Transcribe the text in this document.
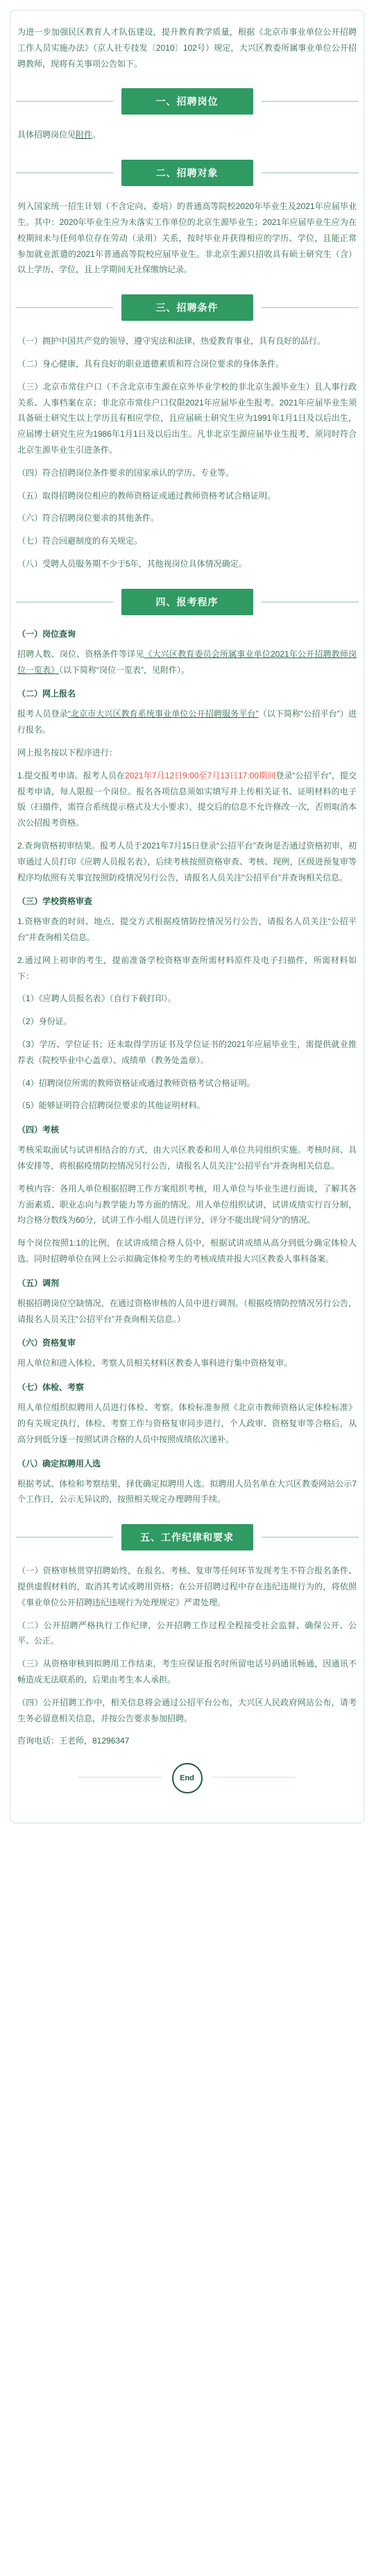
为进一步加强民区教育人才队伍建设，提升教育教学质量，根据《北京市事业单位公开招聘工作人员实施办法》（京人社专技发〔2010〕102号）规定，大兴区教委所属事业单位公开招聘教师，现将有关事项公告如下。

一、招聘岗位

具体招聘岗位见附件。

二、招聘对象

列入国家统一招生计划（不含定向、委培）的普通高等院校2020年毕业生及2021年应届毕业生。其中：2020年毕业生应为未落实工作单位的北京生源毕业生；2021年应届毕业生应为在校期间未与任何单位存在劳动（录用）关系，按时毕业并获得相应的学历、学位，且能正常参加就业派遣的2021年普通高等院校应届毕业生。非北京生源只招收具有硕士研究生（含）以上学历、学位，且上学期间无社保缴纳记录。

三、招聘条件

（一）拥护中国共产党的领导，遵守宪法和法律，热爱教育事业，具有良好的品行。

（二）身心健康，具有良好的职业道德素质和符合岗位要求的身体条件。

（三）北京市常住户口（不含北京市生源在京外毕业学校的非北京生源毕业生）且人事行政关系、人事档案在京；非北京市常住户口仅限2021年应届毕业生报考。2021年应届毕业生须具备硕士研究生以上学历且有相应学位，且应届硕士研究生应为1991年1月1日及以后出生，应届博士研究生应为1986年1月1日及以后出生。凡非北京生源应届毕业生报考，须同时符合北京生源毕业生引进条件。

（四）符合招聘岗位条件要求的国家承认的学历、专业等。

（五）取得招聘岗位相应的教师资格证或通过教师资格考试合格证明。

（六）符合招聘岗位要求的其他条件。

（七）符合回避制度的有关规定。

（八）受聘人员服务期不少于5年，其他视岗位具体情况确定。

四、报考程序
（一）岗位查询

招聘人数、岗位、资格条件等详见《大兴区教育委员会所属事业单位2021年公开招聘教师岗位一览表》（以下简称“岗位一览表”，见附件）。

（二）网上报名

报考人员登录“北京市大兴区教育系统事业单位公开招聘服务平台”（以下简称“公招平台”）进行报名。

网上报名按以下程序进行：

1.提交报考申请。报考人员在2021年7月12日9:00至7月13日17:00期间登录“公招平台”，提交报考申请，每人限报一个岗位。报名各项信息须如实填写并上传相关证书、证明材料的电子版（扫描件，需符合系统提示格式及大小要求），提交后的信息不允许修改一次，否则取消本次公招报考资格。

2.查询资格初审结果。报考人员于2021年7月15日登录“公招平台”查询是否通过资格初审，初审通过人员打印《应聘人员报名表》，后续考核按照资格审查、考核、现例，区级进预复审等程序均依照有关事宜按照防疫情况另行公告，请报名人员关注“公招平台”并查询相关信息。

（三）学校资格审查

1.资格审查的时间、地点、提交方式根据疫情防控情况另行公告，请报名人员关注“公招平台”并查询相关信息。

2.通过网上初审的考生，提前准备学校资格审查所需材料原件及电子扫描件，所需材料如下：

（1）《应聘人员报名表》（自行下载打印）。

（2）身份证。

（3）学历、学位证书；还未取得学历证书及学位证书的2021年应届毕业生，需提供就业推荐表（院校毕业中心盖章）、成绩单（教务处盖章）。

（4）招聘岗位所需的教师资格证或通过教师资格考试合格证明。

（5）能够证明符合招聘岗位要求的其他证明材料。

（四）考核

考核采取面试与试讲相结合的方式，由大兴区教委和用人单位共同组织实施。考核时间、具体安排等，将根据疫情防控情况另行公告，请报名人员关注“公招平台”并查询相关信息。

考核内容：各用人单位根据招聘工作方案组织考核，用人单位与毕业生进行面谈，了解其各方面素质、职业志向与教学能力等方面的情况。用人单位组织试讲，试讲成绩实行百分制，均合格分数线为60分，试讲工作小组人员进行评分，评分不能出现“同分”的情况。

每个岗位按照1:1的比例，在试讲成绩合格人员中，根据试讲成绩从高分到低分确定体检人选。同时招聘单位在网上公示拟确定体检考生的考核成绩并报大兴区教委人事科备案。

（五）调剂

根据招聘岗位空缺情况，在通过资格审核的人员中进行调剂。（根据疫情防控情况另行公告，请报名人员关注“公招平台”并查询相关信息。）

（六）资格复审

用人单位和进入体检、考察人员相关材料区教委人事科进行集中资格复审。

（七）体检、考察

用人单位组织拟聘用人员进行体检、考察。体检标准参照《北京市教师资格认定体检标准》的有关规定执行，体检、考察工作与资格复审同步进行，个人政审、资格复审等合格后，从高分到低分逐一按照试讲合格的人员中按照成绩依次递补。

（八）确定拟聘用人选

根据考试、体检和考察结果，择优确定拟聘用人选。拟聘用人员名单在大兴区教委网站公示7个工作日，公示无异议的，按照相关规定办理聘用手续。

五、工作纪律和要求

（一）资格审核贯穿招聘始终，在报名、考核、复审等任何环节发现考生不符合报名条件、提供虚假材料的，取消其考试或聘用资格；在公开招聘过程中存在违纪违规行为的，将依照《事业单位公开招聘违纪违规行为处理规定》严肃处理。

（二）公开招聘严格执行工作纪律，公开招聘工作过程全程接受社会监督、确保公开、公平、公正。

（三）从资格审核到拟聘用工作结束，考生应保证报名时所留电话号码通讯畅通，因通讯不畅造成无法联系的，后果由考生本人承担。

（四）公开招聘工作中，相关信息将会通过公招平台公布，大兴区人民政府网站公布，请考生务必留意相关信息，并按公告要求参加招聘。

咨询电话：王老师，81296347

End
